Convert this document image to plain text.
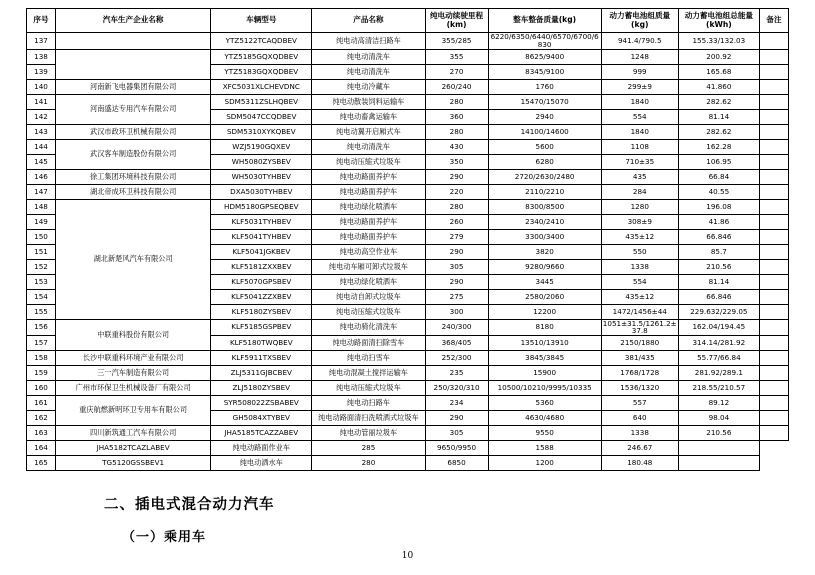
序号	汽车生产企业名称	车辆型号	产品名称	纯电动续驶里程(km)	整车整备质量(kg)	动力蓄电池组质量(kg)	动力蓄电池组总能量 (kWh)	备注
137		YTZ5122TCAQDBEV	纯电动高清洁扫路车	355/285	6220/6350/6440/6570/6700/6830	941.4/790.5	155.33/132.03	
138		YTZ5185GQXQDBEV	纯电动清洗车	355	8625/9400	1248	200.92	
139		YTZ5183GQXQDBEV	纯电动清洗车	270	8345/9100	999	165.68	
140	河南新飞电器集团有限公司	XFC5031XLCHEVDNC	纯电动冷藏车	260/240	1760	299±9	41.860	
141	河南盛达专用汽车有限公司	SDM5311ZSLHQBEV	纯电动散装饲料运输车	280	15470/15070	1840	282.62	
142		SDM5047CCQDBEV	纯电动畜禽运输车	360	2940	554	81.14	
143	武汉市政环卫机械有限公司	SDM5310XYKQBEV	纯电动翼开启厢式车	280	14100/14600	1840	282.62	
144	武汉客车制造股份有限公司	WZJ5190GQXEV	纯电动清洗车	430	5600	1108	162.28	
145		WH5080ZYSBEV	纯电动压缩式垃圾车	350	6280	710±35	106.95	
146	徐工集团环境科技有限公司	WH5030TYHBEV	纯电动路面养护车	290	2720/2630/2480	435	66.84	
147	湖北帝成环卫科技有限公司	DXA5030TYHBEV	纯电动路面养护车	220	2110/2210	284	40.55	
148	湖北新楚风汽车有限公司	HDM5180GPSEQBEV	纯电动绿化喷洒车	280	8300/8500	1280	196.08	
149		KLF5031TYHBEV	纯电动路面养护车	260	2340/2410	308±9	41.86	
150		KLF5041TYHBEV	纯电动路面养护车	279	3300/3400	435±12	66.846	
151		KLF5041JGKBEV	纯电动高空作业车	290	3820	550	85.7	
152		KLF5181ZXXBEV	纯电动车厢可卸式垃圾车	305	9280/9660	1338	210.56	
153		KLF5070GPSBEV	纯电动绿化喷洒车	290	3445	554	81.14	
154		KLF5041ZZXBEV	纯电动自卸式垃圾车	275	2580/2060	435±12	66.846	
155		KLF5180ZYSBEV	纯电动压缩式垃圾车	300	12200	1472/1456±44	229.632/229.05	
156	中联重科股份有限公司	KLF5185GSPBEV	纯电动骑化清洗车	240/300	8180	1051±31.5/1261.2±37.8	162.04/194.45	
157		KLF5180TWQBEV	纯电动路面清扫除雪车	368/405	13510/13910	2150/1880	314.14/281.92	
158	长沙中联重科环境产业有限公司	KLF5911TXSBEV	纯电动扫雪车	252/300	3845/3845	381/435	55.77/66.84	
159	三一汽车制造有限公司	ZLJ5311GJBCBEV	纯电动混凝土搅拌运输车	235	15900	1768/1728	281.92/289.1	
160	广州市环保卫生机械设备厂有限公司	ZLJ5180ZYSBEV	纯电动压缩式垃圾车	250/320/310	10500/10210/9995/10335	1536/1320	218.55/210.57	
161	重庆航燃新明环卫专用车有限公司	SYR508022ZSBABEV	纯电动扫路车	234	5360	557	89.12	
162		GH5084XTYBEV	纯电动路面清扫洗喷洒式垃圾车	290	4630/4680	640	98.04	
163	四川新筑通工汽车有限公司	JHA5185TCAZZABEV	纯电动管丽垃圾车	305	9550	1338	210.56	
164	JHA5182TCAZLABEV	纯电动路面作业车	285	9650/9950	1588	246.67		
165	TG5120GSSBEV1	纯电动洒水车	280	6850	1200	180.48		
二、插电式混合动力汽车
（一）乘用车
10
